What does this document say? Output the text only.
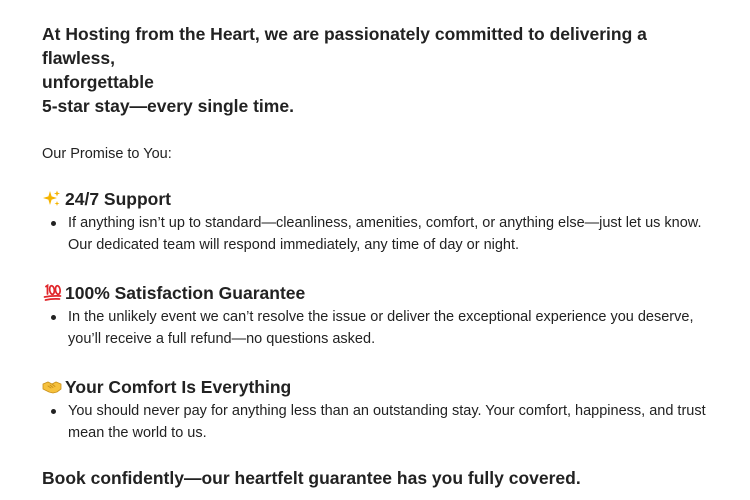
At Hosting from the Heart, we are passionately committed to delivering a flawless,
unforgettable
5-star stay—every single time.

Our Promise to You:
24/7 Support
If anything isn’t up to standard—cleanliness, amenities, comfort, or anything else—just let us know. Our dedicated team will respond immediately, any time of day or night.
100% Satisfaction Guarantee
In the unlikely event we can’t resolve the issue or deliver the exceptional experience you deserve, you’ll receive a full refund—no questions asked.
Your Comfort Is Everything
You should never pay for anything less than an outstanding stay. Your comfort, happiness, and trust mean the world to us.
Book confidently—our heartfelt guarantee has you fully covered.
